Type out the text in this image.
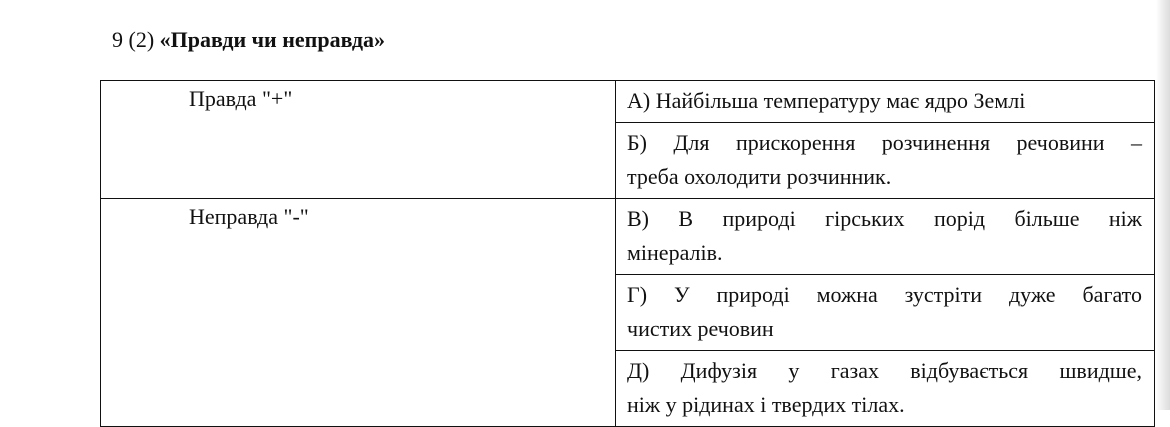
9 (2) «Правди чи неправда»
Правда "+"	А) Найбільша температуру має ядро Землі

	Б) Для прискорення розчинення речовини –
треба охолодити розчинник.

Неправда "-"	В) В природі гірських порід більше ніж
мінералів.

	Г) У природі можна зустріти дуже багато
чистих речовин

	Д) Дифузія у газах відбувається швидше,
ніж у рідинах і твердих тілах.
